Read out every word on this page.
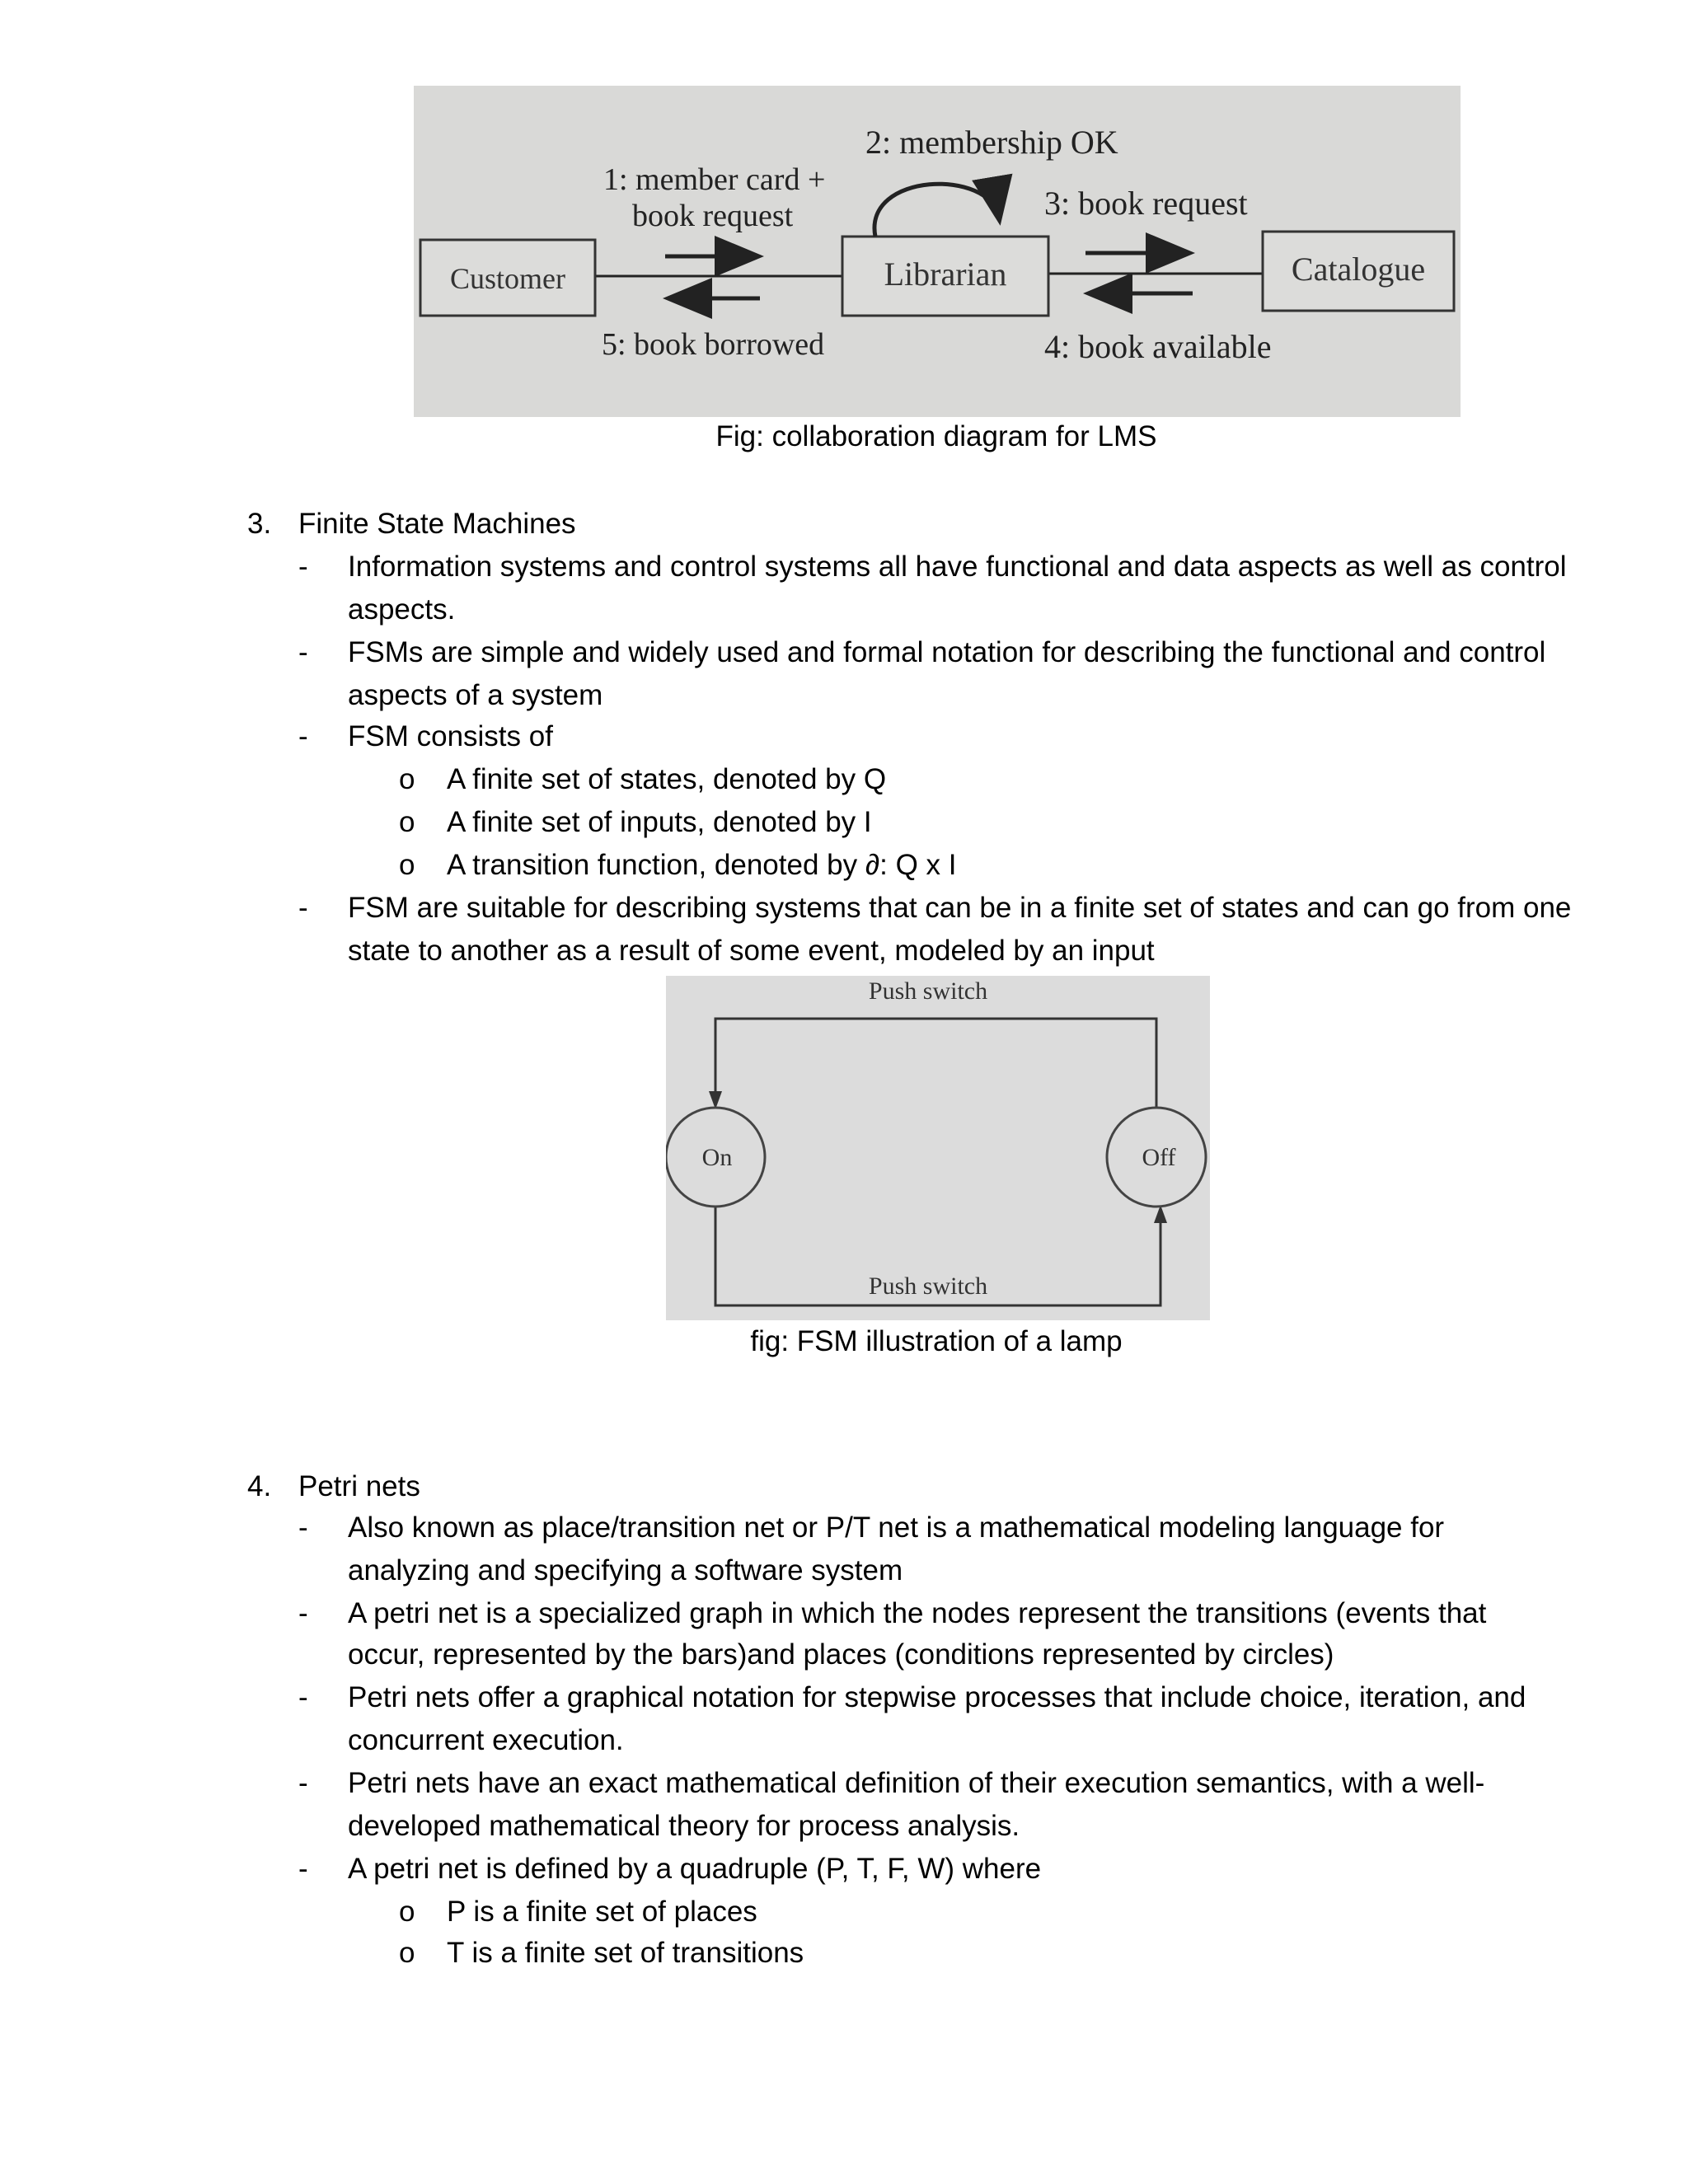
Customer	Librarian	Catalogue
1: member card +
book request
2: membership OK
3: book request
4: book available
5: book borrowed
Fig: collaboration diagram for LMS
3. Finite State Machines
- Information systems and control systems all have functional and data aspects as well as control
aspects.
- FSMs are simple and widely used and formal notation for describing the functional and control
aspects of a system
- FSM consists of
o A finite set of states, denoted by Q
o A finite set of inputs, denoted by I
o A transition function, denoted by ∂: Q x I
- FSM are suitable for describing systems that can be in a finite set of states and can go from one
state to another as a result of some event, modeled by an input
On	Off
Push switch
Push switch
fig: FSM illustration of a lamp
4. Petri nets
- Also known as place/transition net or P/T net is a mathematical modeling language for
analyzing and specifying a software system
- A petri net is a specialized graph in which the nodes represent the transitions (events that
occur, represented by the bars)and places (conditions represented by circles)
- Petri nets offer a graphical notation for stepwise processes that include choice, iteration, and
concurrent execution.
- Petri nets have an exact mathematical definition of their execution semantics, with a well-
developed mathematical theory for process analysis.
- A petri net is defined by a quadruple (P, T, F, W) where
o P is a finite set of places
o T is a finite set of transitions
